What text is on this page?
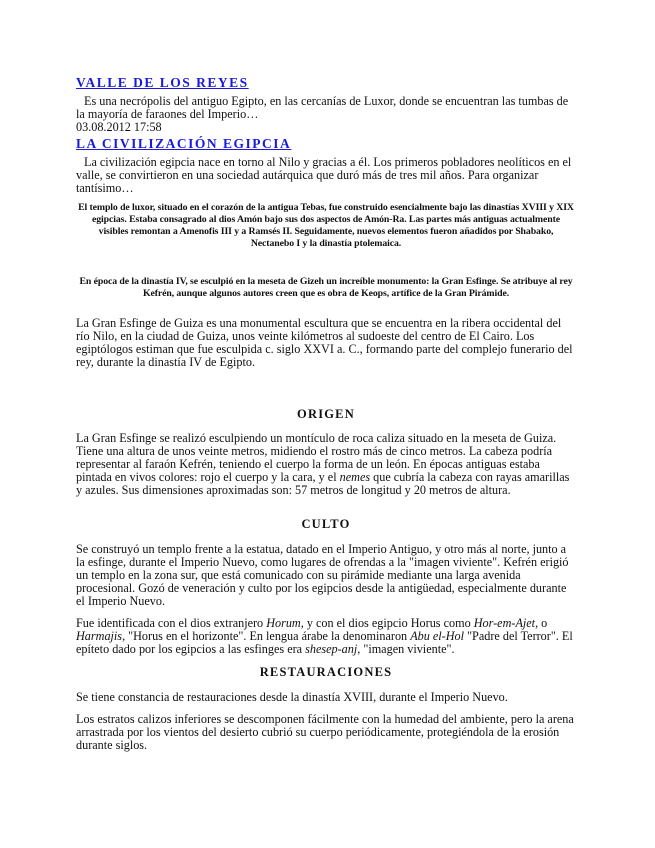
VALLE DE LOS REYES

Es una necrópolis del antiguo Egipto, en las cercanías de Luxor, donde se encuentran las tumbas de la mayoría de faraones del Imperio…

03.08.2012 17:58

LA CIVILIZACIÓN EGIPCIA

La civilización egipcia nace en torno al Nilo y gracias a él. Los primeros pobladores neolíticos en el valle, se convirtieron en una sociedad autárquica que duró más de tres mil años. Para organizar tantísimo…

El templo de luxor, situado en el corazón de la antigua Tebas, fue construido esencialmente bajo las dinastías XVIII y XIX egipcias. Estaba consagrado al dios Amón bajo sus dos aspectos de Amón-Ra. Las partes más antiguas actualmente visibles remontan a Amenofis III y a Ramsés II. Seguidamente, nuevos elementos fueron añadidos por Shabako, Nectanebo I y la dinastía ptolemaica.

En época de la dinastía IV, se esculpió en la meseta de Gizeh un increíble monumento: la Gran Esfinge. Se atribuye al rey Kefrén, aunque algunos autores creen que es obra de Keops, artífice de la Gran Pirámide.

La Gran Esfinge de Guiza es una monumental escultura que se encuentra en la ribera occidental del río Nilo, en la ciudad de Guiza, unos veinte kilómetros al sudoeste del centro de El Cairo. Los egiptólogos estiman que fue esculpida c. siglo XXVI a. C., formando parte del complejo funerario del rey, durante la dinastía IV de Egipto.

ORIGEN

La Gran Esfinge se realizó esculpiendo un montículo de roca caliza situado en la meseta de Guiza. Tiene una altura de unos veinte metros, midiendo el rostro más de cinco metros. La cabeza podría representar al faraón Kefrén, teniendo el cuerpo la forma de un león. En épocas antiguas estaba pintada en vivos colores: rojo el cuerpo y la cara, y el nemes que cubría la cabeza con rayas amarillas y azules. Sus dimensiones aproximadas son: 57 metros de longitud y 20 metros de altura.

CULTO

Se construyó un templo frente a la estatua, datado en el Imperio Antiguo, y otro más al norte, junto a la esfinge, durante el Imperio Nuevo, como lugares de ofrendas a la "imagen viviente". Kefrén erigió un templo en la zona sur, que está comunicado con su pirámide mediante una larga avenida procesional. Gozó de veneración y culto por los egipcios desde la antigüedad, especialmente durante el Imperio Nuevo.

Fue identificada con el dios extranjero Horum, y con el dios egipcio Horus como Hor-em-Ajet, o Harmajis, "Horus en el horizonte". En lengua árabe la denominaron Abu el-Hol "Padre del Terror". El epíteto dado por los egipcios a las esfinges era shesep-anj, "imagen viviente".

RESTAURACIONES

Se tiene constancia de restauraciones desde la dinastía XVIII, durante el Imperio Nuevo.

Los estratos calizos inferiores se descomponen fácilmente con la humedad del ambiente, pero la arena arrastrada por los vientos del desierto cubrió su cuerpo periódicamente, protegiéndola de la erosión durante siglos.
